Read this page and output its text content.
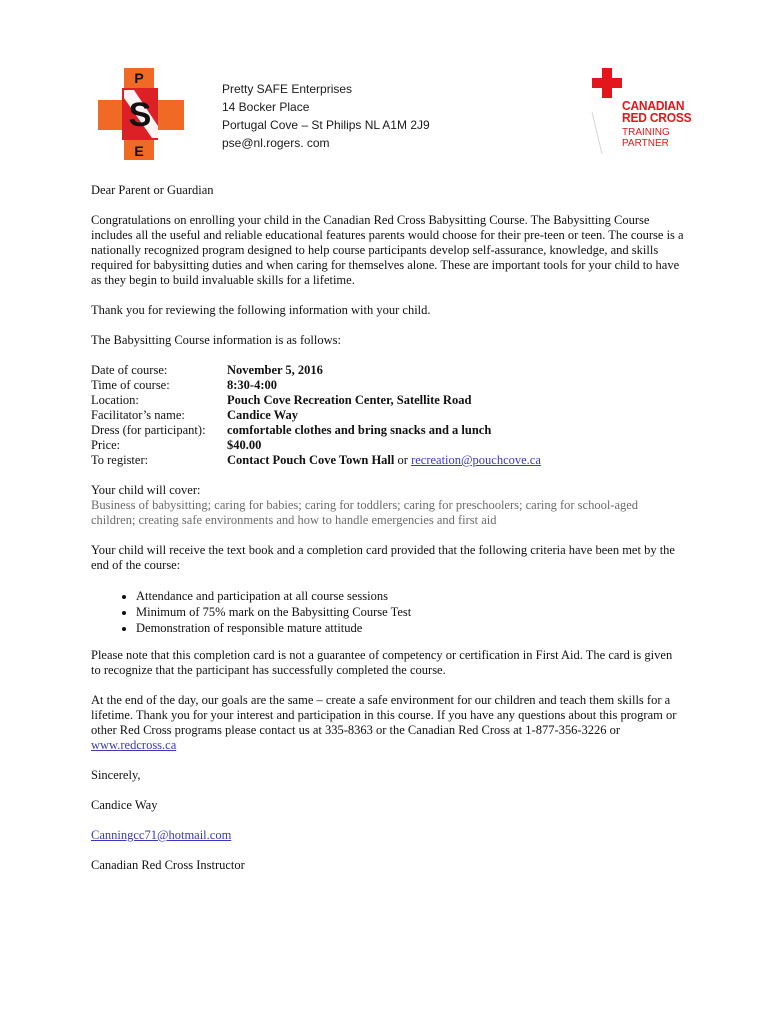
P
S
E
Pretty SAFE Enterprises
14 Bocker Place
Portugal Cove – St Philips NL A1M 2J9
pse@nl.rogers. com
CANADIAN
RED CROSS
TRAINING
PARTNER

Dear Parent or Guardian

Congratulations on enrolling your child in the Canadian Red Cross Babysitting Course. The Babysitting Course includes all the useful and reliable educational features parents would choose for their pre-teen or teen. The course is a nationally recognized program designed to help course participants develop self-assurance, knowledge, and skills required for babysitting duties and when caring for themselves alone. These are important tools for your child to have as they begin to build invaluable skills for a lifetime.

Thank you for reviewing the following information with your child.

The Babysitting Course information is as follows:

Date of course:	November 5, 2016
Time of course:	8:30-4:00
Location:	Pouch Cove Recreation Center, Satellite Road
Facilitator’s name:	Candice Way
Dress (for participant):	comfortable clothes and bring snacks and a lunch
Price:	$40.00
To register:	Contact Pouch Cove Town Hall or recreation@pouchcove.ca

Your child will cover:

Business of babysitting; caring for babies; caring for toddlers; caring for preschoolers; caring for school-aged children; creating safe environments and how to handle emergencies and first aid

Your child will receive the text book and a completion card provided that the following criteria have been met by the end of the course:

• Attendance and participation at all course sessions
• Minimum of 75% mark on the Babysitting Course Test
• Demonstration of responsible mature attitude

Please note that this completion card is not a guarantee of competency or certification in First Aid. The card is given to recognize that the participant has successfully completed the course.

At the end of the day, our goals are the same – create a safe environment for our children and teach them skills for a lifetime. Thank you for your interest and participation in this course. If you have any questions about this program or other Red Cross programs please contact us at 335-8363 or the Canadian Red Cross at 1-877-356-3226 or www.redcross.ca

Sincerely,

Candice Way

Canningcc71@hotmail.com

Canadian Red Cross Instructor
